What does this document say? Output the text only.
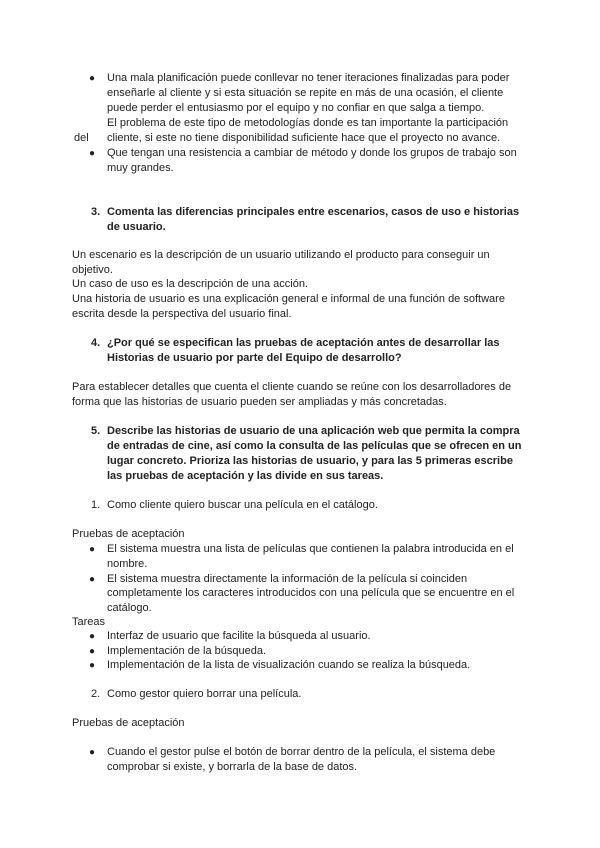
● Una mala planificación puede conllevar no tener iteraciones finalizadas para poder
enseñarle al cliente y si esta situación se repite en más de una ocasión, el cliente
puede perder el entusiasmo por el equipo y no confiar en que salga a tiempo.
El problema de este tipo de metodologías donde es tan importante la participación
del cliente, si este no tiene disponibilidad suficiente hace que el proyecto no avance.
● Que tengan una resistencia a cambiar de método y donde los grupos de trabajo son
muy grandes.
3. Comenta las diferencias principales entre escenarios, casos de uso e historias
de usuario.
Un escenario es la descripción de un usuario utilizando el producto para conseguir un
objetivo.
Un caso de uso es la descripción de una acción.
Una historia de usuario es una explicación general e informal de una función de software
escrita desde la perspectiva del usuario final.
4. ¿Por qué se especifican las pruebas de aceptación antes de desarrollar las
Historias de usuario por parte del Equipo de desarrollo?
Para establecer detalles que cuenta el cliente cuando se reúne con los desarrolladores de
forma que las historias de usuario pueden ser ampliadas y más concretadas.
5. Describe las historias de usuario de una aplicación web que permita la compra
de entradas de cine, así como la consulta de las películas que se ofrecen en un
lugar concreto. Prioriza las historias de usuario, y para las 5 primeras escribe
las pruebas de aceptación y las divide en sus tareas.
1. Como cliente quiero buscar una película en el catálogo.
Pruebas de aceptación
● El sistema muestra una lista de películas que contienen la palabra introducida en el
nombre.
● El sistema muestra directamente la información de la película si coinciden
completamente los caracteres introducidos con una película que se encuentre en el
catálogo.
Tareas
● Interfaz de usuario que facilite la búsqueda al usuario.
● Implementación de la búsqueda.
● Implementación de la lista de visualización cuando se realiza la búsqueda.
2. Como gestor quiero borrar una película.
Pruebas de aceptación
● Cuando el gestor pulse el botón de borrar dentro de la película, el sistema debe
comprobar si existe, y borrarla de la base de datos.
